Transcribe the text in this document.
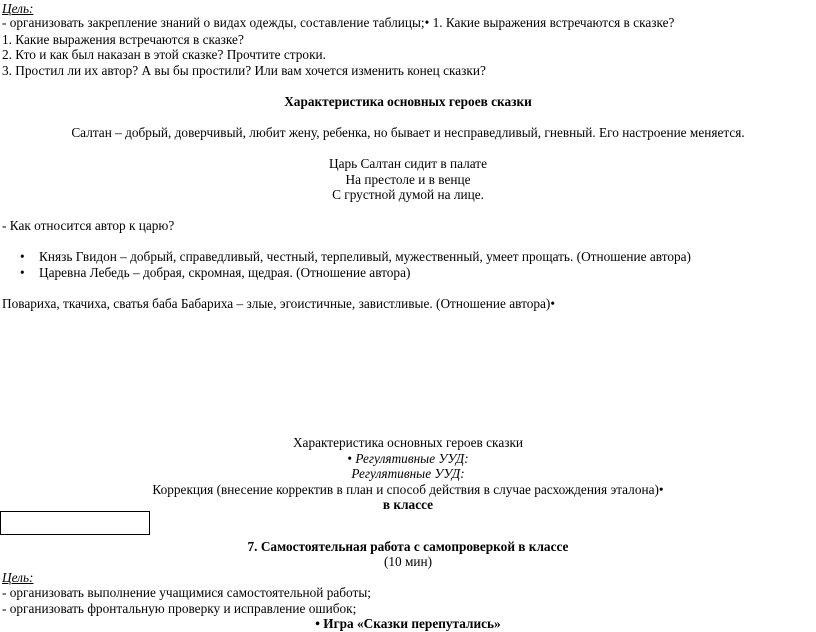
Цель:
- организовать закрепление знаний о видах одежды, составление таблицы;• 1. Какие выражения встречаются в сказке?
1. Какие выражения встречаются в сказке?
2. Кто и как был наказан в этой сказке? Прочтите строки.
3. Простил ли их автор? А вы бы простили? Или вам хочется изменить конец сказки?
Характеристика основных героев сказки
Салтан – добрый, доверчивый, любит жену, ребенка, но бывает и несправедливый, гневный. Его настроение меняется.
Царь Салтан сидит в палате
На престоле и в венце
С грустной думой на лице.
- Как относится автор к царю?
• Князь Гвидон – добрый, справедливый, честный, терпеливый, мужественный, умеет прощать. (Отношение автора)
• Царевна Лебедь – добрая, скромная, щедрая. (Отношение автора)
Повариха, ткачиха, сватья баба Бабариха – злые, эгоистичные, завистливые. (Отношение автора)•
Характеристика основных героев сказки
• Регулятивные УУД:
Регулятивные УУД:
Коррекция (внесение корректив в план и способ действия в случае расхождения эталона)•
в классе
7. Самостоятельная работа с самопроверкой в классе
(10 мин)
Цель:
- организовать выполнение учащимися самостоятельной работы;
- организовать фронтальную проверку и исправление ошибок;
• Игра «Сказки перепутались»
